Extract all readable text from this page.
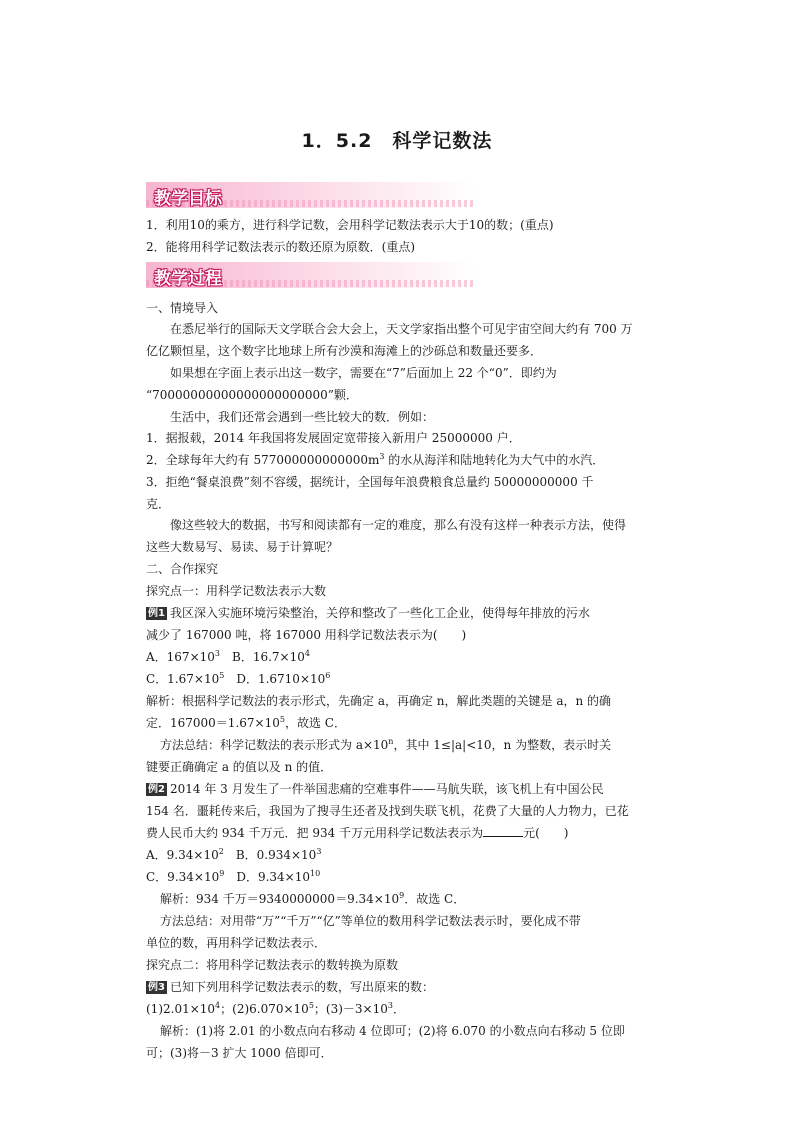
1．5.2　科学记数法
教学目标
1．利用10的乘方，进行科学记数，会用科学记数法表示大于10的数；(重点)
2．能将用科学记数法表示的数还原为原数．(重点)
教学过程
一、情境导入
在悉尼举行的国际天文学联合会大会上，天文学家指出整个可见宇宙空间大约有 700 万
亿亿颗恒星，这个数字比地球上所有沙漠和海滩上的沙砾总和数量还要多．
如果想在字面上表示出这一数字，需要在“7”后面加上 22 个“0”．即约为
“70000000000000000000000”颗．
生活中，我们还常会遇到一些比较大的数．例如：
1．据报载，2014 年我国将发展固定宽带接入新用户 25000000 户．
2．全球每年大约有 $577000000000000m^3$ 的水从海洋和陆地转化为大气中的水汽．
3．拒绝“餐桌浪费”刻不容缓，据统计，全国每年浪费粮食总量约 50000000000 千
克．
像这些较大的数据，书写和阅读都有一定的难度，那么有没有这样一种表示方法，使得
这些大数易写、易读、易于计算呢？
二、合作探究
探究点一：用科学记数法表示大数
例1 我区深入实施环境污染整治，关停和整改了一些化工企业，使得每年排放的污水
减少了 167000 吨，将 167000 用科学记数法表示为(　　)
A．$167\times 10^3$　B．$16.7\times 10^4$
C．$1.67\times 10^5$　D．$1.6710\times 10^6$
解析：根据科学记数法的表示形式，先确定 a，再确定 n，解此类题的关键是 a，n 的确
定．$167000=1.67\times 10^5$，故选 C．
方法总结：科学记数法的表示形式为 $a\times 10^n$，其中 1≤|a|<10，n 为整数，表示时关
键要正确确定 a 的值以及 n 的值．
例2 2014 年 3 月发生了一件举国悲痛的空难事件——马航失联，该飞机上有中国公民
154 名．噩耗传来后，我国为了搜寻生还者及找到失联飞机，花费了大量的人力物力，已花
费人民币大约 934 千万元．把 934 千万元用科学记数法表示为	元(　　)
A．$9.34\times 10^2$　B．$0.934\times 10^3$
C．$9.34\times 10^9$　D．$9.34\times 10^{10}$
解析：934 千万$=9340000000=9.34\times 10^9$．故选 C．
方法总结：对用带“万”“千万”“亿”等单位的数用科学记数法表示时，要化成不带
单位的数，再用科学记数法表示．
探究点二：将用科学记数法表示的数转换为原数
例3 已知下列用科学记数法表示的数，写出原来的数：
$(1)2.01\times 10^4$；$(2)6.070\times 10^5$；$(3)-3\times 10^3$．
解析：(1)将 2.01 的小数点向右移动 4 位即可；(2)将 6.070 的小数点向右移动 5 位即
可；(3)将－3 扩大 1000 倍即可．
